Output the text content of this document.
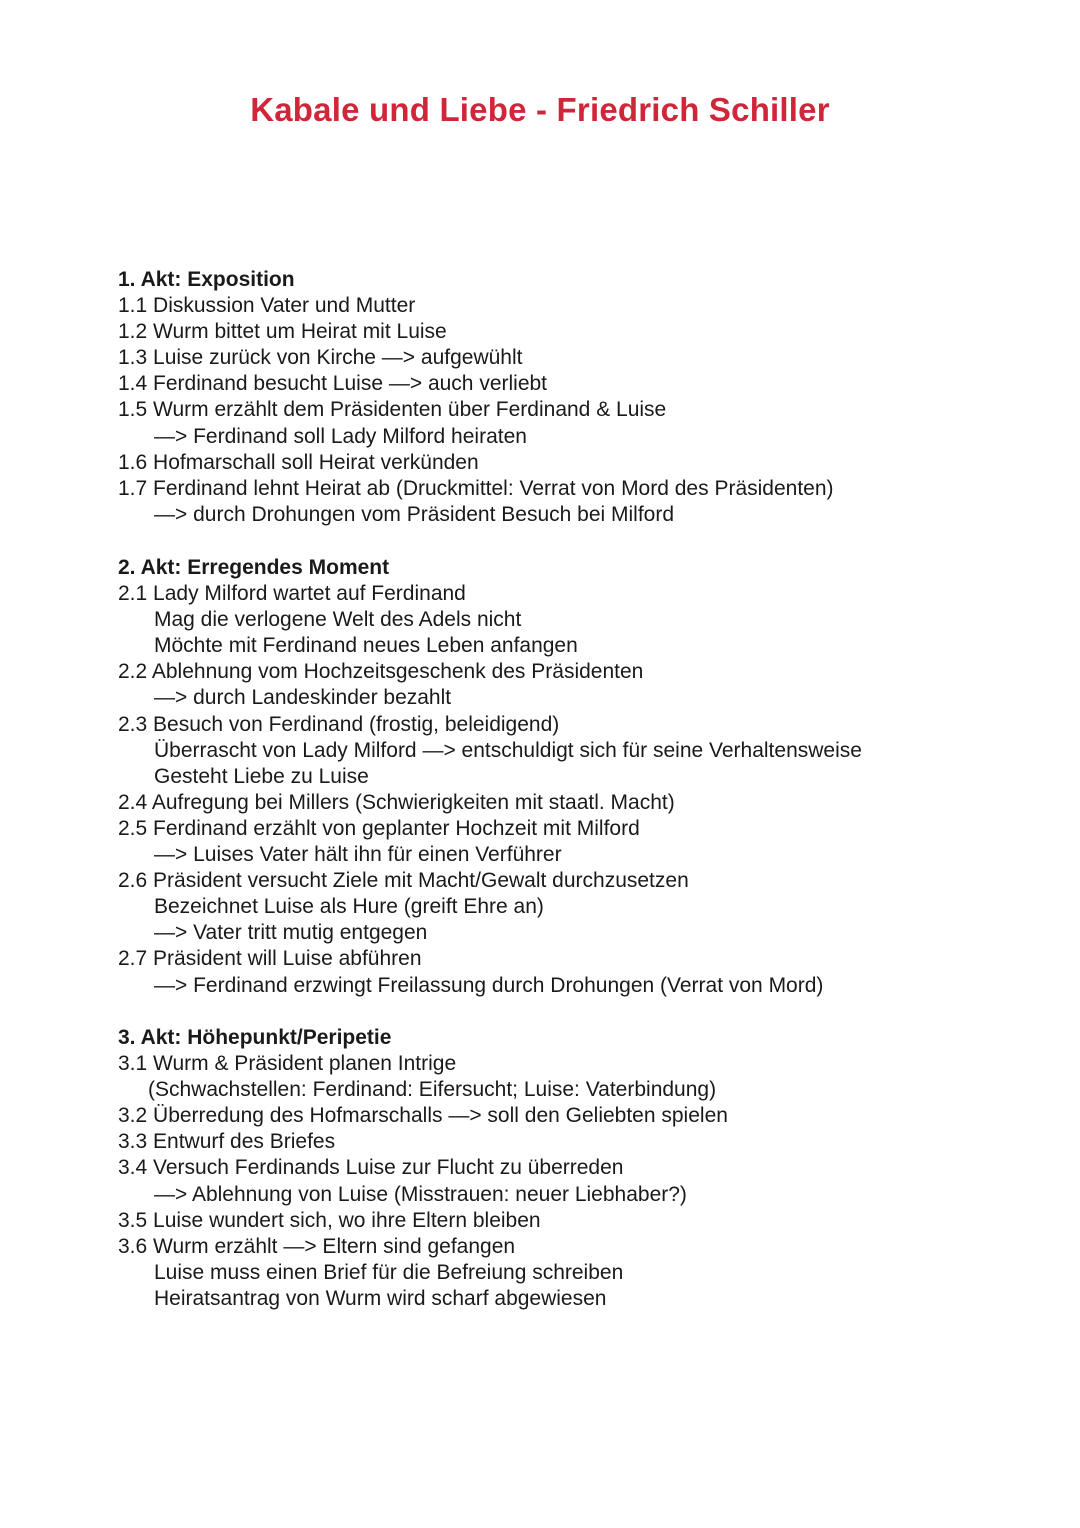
Kabale und Liebe - Friedrich Schiller
1. Akt: Exposition
1.1 Diskussion Vater und Mutter
1.2 Wurm bittet um Heirat mit Luise
1.3 Luise zurück von Kirche —> aufgewühlt
1.4 Ferdinand besucht Luise —> auch verliebt
1.5 Wurm erzählt dem Präsidenten über Ferdinand & Luise
—> Ferdinand soll Lady Milford heiraten
1.6 Hofmarschall soll Heirat verkünden
1.7 Ferdinand lehnt Heirat ab (Druckmittel: Verrat von Mord des Präsidenten)
—> durch Drohungen vom Präsident Besuch bei Milford
2. Akt: Erregendes Moment
2.1 Lady Milford wartet auf Ferdinand
Mag die verlogene Welt des Adels nicht
Möchte mit Ferdinand neues Leben anfangen
2.2 Ablehnung vom Hochzeitsgeschenk des Präsidenten
—> durch Landeskinder bezahlt
2.3 Besuch von Ferdinand (frostig, beleidigend)
Überrascht von Lady Milford —> entschuldigt sich für seine Verhaltensweise
Gesteht Liebe zu Luise
2.4 Aufregung bei Millers (Schwierigkeiten mit staatl. Macht)
2.5 Ferdinand erzählt von geplanter Hochzeit mit Milford
—> Luises Vater hält ihn für einen Verführer
2.6 Präsident versucht Ziele mit Macht/Gewalt durchzusetzen
Bezeichnet Luise als Hure (greift Ehre an)
—> Vater tritt mutig entgegen
2.7 Präsident will Luise abführen
—> Ferdinand erzwingt Freilassung durch Drohungen (Verrat von Mord)
3. Akt: Höhepunkt/Peripetie
3.1 Wurm & Präsident planen Intrige
(Schwachstellen: Ferdinand: Eifersucht; Luise: Vaterbindung)
3.2 Überredung des Hofmarschalls —> soll den Geliebten spielen
3.3 Entwurf des Briefes
3.4 Versuch Ferdinands Luise zur Flucht zu überreden
—> Ablehnung von Luise (Misstrauen: neuer Liebhaber?)
3.5 Luise wundert sich, wo ihre Eltern bleiben
3.6 Wurm erzählt —> Eltern sind gefangen
Luise muss einen Brief für die Befreiung schreiben
Heiratsantrag von Wurm wird scharf abgewiesen
